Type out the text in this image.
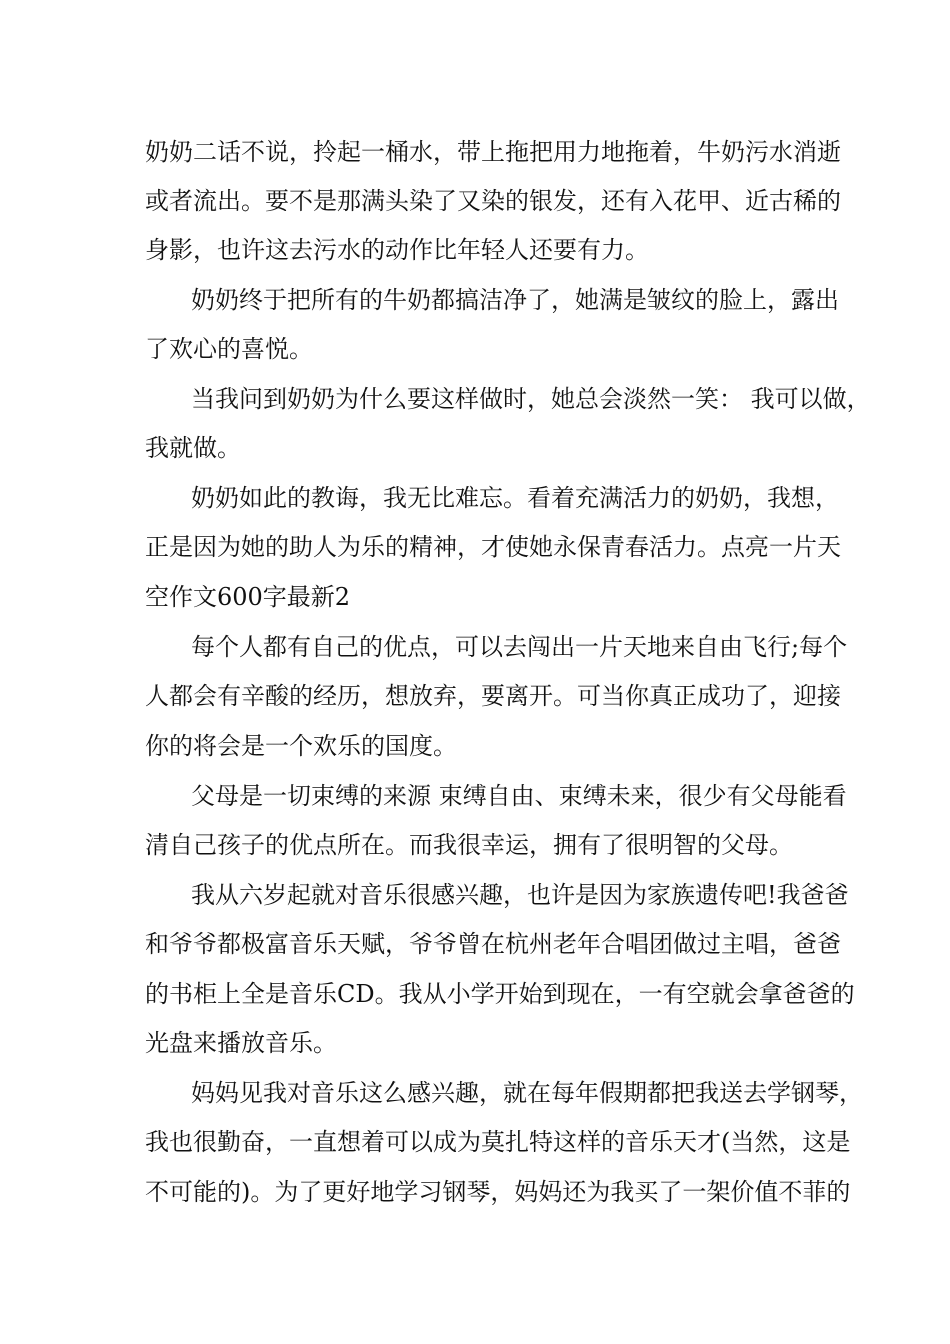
奶奶二话不说，拎起一桶水，带上拖把用力地拖着，牛奶污水消逝

或者流出。要不是那满头染了又染的银发，还有入花甲、近古稀的

身影，也许这去污水的动作比年轻人还要有力。

奶奶终于把所有的牛奶都搞洁净了，她满是皱纹的脸上，露出

了欢心的喜悦。

当我问到奶奶为什么要这样做时，她总会淡然一笑： 我可以做，

我就做。

奶奶如此的教诲，我无比难忘。看着充满活力的奶奶，我想，

正是因为她的助人为乐的精神，才使她永保青春活力。点亮一片天

空作文600字最新2

每个人都有自己的优点，可以去闯出一片天地来自由飞行;每个

人都会有辛酸的经历，想放弃，要离开。可当你真正成功了，迎接

你的将会是一个欢乐的国度。

父母是一切束缚的来源 束缚自由、束缚未来，很少有父母能看

清自己孩子的优点所在。而我很幸运，拥有了很明智的父母。

我从六岁起就对音乐很感兴趣，也许是因为家族遗传吧!我爸爸

和爷爷都极富音乐天赋，爷爷曾在杭州老年合唱团做过主唱，爸爸

的书柜上全是音乐CD。我从小学开始到现在，一有空就会拿爸爸的

光盘来播放音乐。

妈妈见我对音乐这么感兴趣，就在每年假期都把我送去学钢琴，

我也很勤奋，一直想着可以成为莫扎特这样的音乐天才(当然，这是

不可能的)。为了更好地学习钢琴，妈妈还为我买了一架价值不菲的
